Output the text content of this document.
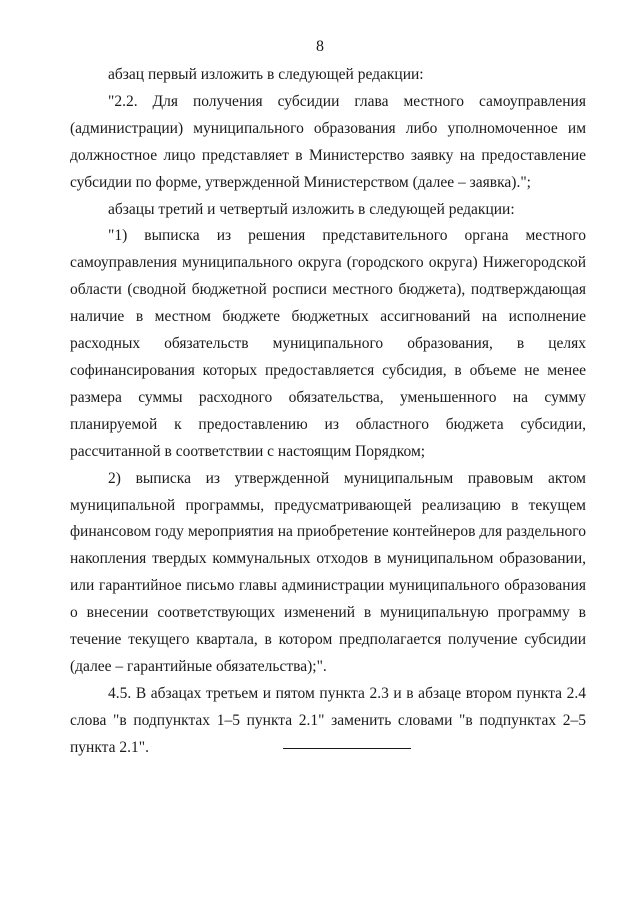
8

абзац первый изложить в следующей редакции:

"2.2. Для получения субсидии глава местного самоуправления (администрации) муниципального образования либо уполномоченное им должностное лицо представляет в Министерство заявку на предоставление субсидии по форме, утвержденной Министерством (далее – заявка).";

абзацы третий и четвертый изложить в следующей редакции:

"1) выписка из решения представительного органа местного самоуправления муниципального округа (городского округа) Нижегородской области (сводной бюджетной росписи местного бюджета), подтверждающая наличие в местном бюджете бюджетных ассигнований на исполнение расходных обязательств муниципального образования, в целях софинансирования которых предоставляется субсидия, в объеме не менее размера суммы расходного обязательства, уменьшенного на сумму планируемой к предоставлению из областного бюджета субсидии, рассчитанной в соответствии с настоящим Порядком;

2) выписка из утвержденной муниципальным правовым актом муниципальной программы, предусматривающей реализацию в текущем финансовом году мероприятия на приобретение контейнеров для раздельного накопления твердых коммунальных отходов в муниципальном образовании, или гарантийное письмо главы администрации муниципального образования о внесении соответствующих изменений в муниципальную программу в течение текущего квартала, в котором предполагается получение субсидии (далее – гарантийные обязательства);".

4.5. В абзацах третьем и пятом пункта 2.3 и в абзаце втором пункта 2.4 слова "в подпунктах 1–5 пункта 2.1" заменить словами "в подпунктах 2–5 пункта 2.1".
